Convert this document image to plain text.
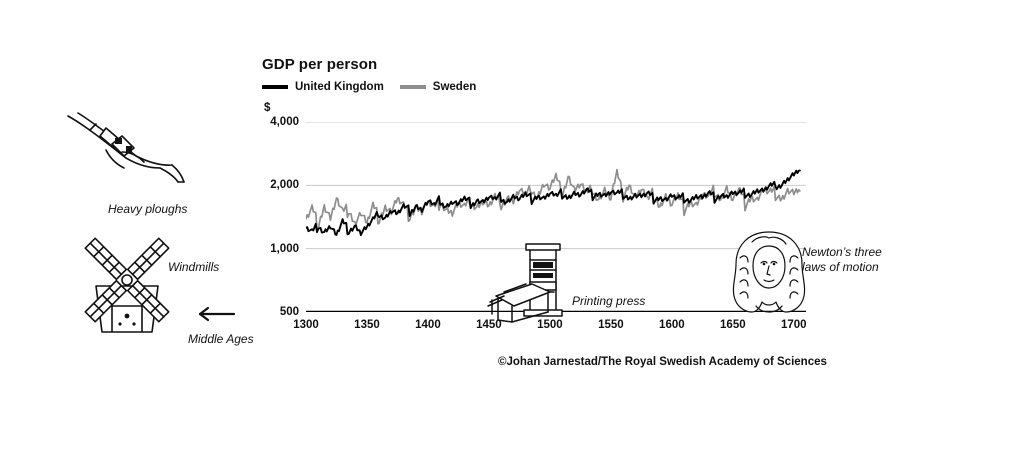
Heavy ploughs
Windmills
Middle Ages
GDP per person
United Kingdom	Sweden
$
500
1,000
2,000
4,000
1300	1350	1400	1450	1500	1550	1600	1650	1700
Printing press
Newton’s three
laws of motion
©Johan Jarnestad/The Royal Swedish Academy of Sciences
